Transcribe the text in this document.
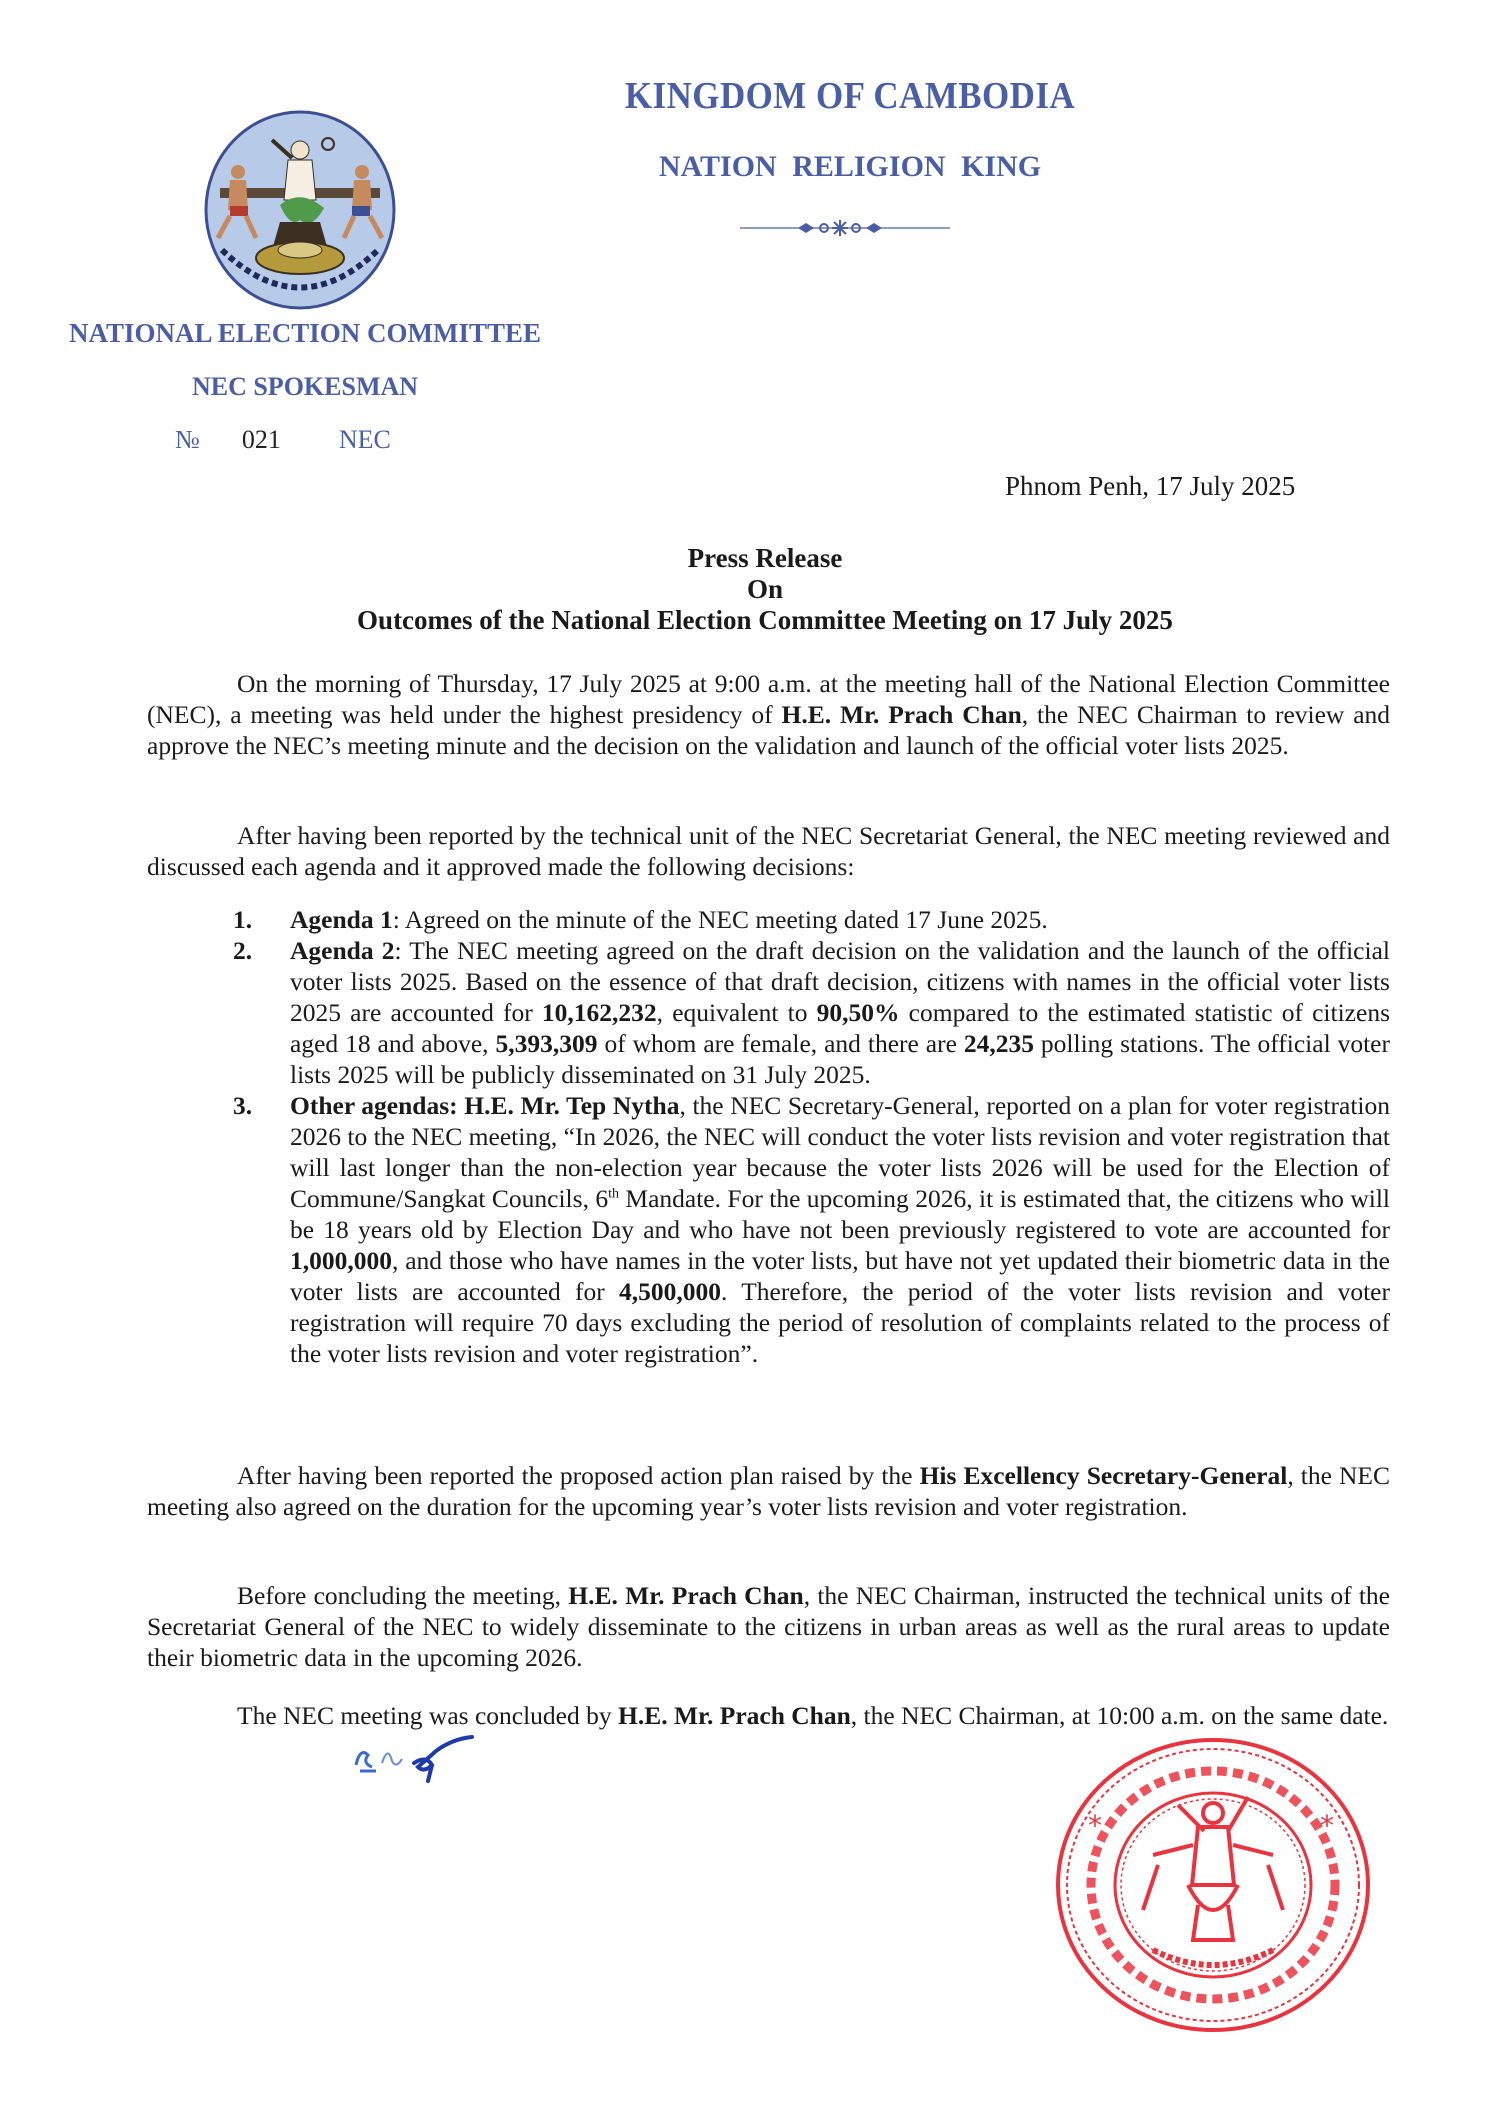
KINGDOM OF CAMBODIA
NATION RELIGION KING
NATIONAL ELECTION COMMITTEE
NEC SPOKESMAN
№ 021 NEC
Phnom Penh, 17 July 2025
Press Release
On
Outcomes of the National Election Committee Meeting on 17 July 2025
On the morning of Thursday, 17 July 2025 at 9:00 a.m. at the meeting hall of the National Election Committee (NEC), a meeting was held under the highest presidency of H.E. Mr. Prach Chan, the NEC Chairman to review and approve the NEC’s meeting minute and the decision on the validation and launch of the official voter lists 2025.
After having been reported by the technical unit of the NEC Secretariat General, the NEC meeting reviewed and discussed each agenda and it approved made the following decisions:
1.	Agenda 1: Agreed on the minute of the NEC meeting dated 17 June 2025.
2.	Agenda 2: The NEC meeting agreed on the draft decision on the validation and the launch of the official voter lists 2025. Based on the essence of that draft decision, citizens with names in the official voter lists 2025 are accounted for 10,162,232, equivalent to 90,50% compared to the estimated statistic of citizens aged 18 and above, 5,393,309 of whom are female, and there are 24,235 polling stations. The official voter lists 2025 will be publicly disseminated on 31 July 2025.
3.	Other agendas: H.E. Mr. Tep Nytha, the NEC Secretary-General, reported on a plan for voter registration 2026 to the NEC meeting, “In 2026, the NEC will conduct the voter lists revision and voter registration that will last longer than the non-election year because the voter lists 2026 will be used for the Election of Commune/Sangkat Councils, 6th Mandate. For the upcoming 2026, it is estimated that, the citizens who will be 18 years old by Election Day and who have not been previously registered to vote are accounted for 1,000,000, and those who have names in the voter lists, but have not yet updated their biometric data in the voter lists are accounted for 4,500,000. Therefore, the period of the voter lists revision and voter registration will require 70 days excluding the period of resolution of complaints related to the process of the voter lists revision and voter registration”.
After having been reported the proposed action plan raised by the His Excellency Secretary-General, the NEC meeting also agreed on the duration for the upcoming year’s voter lists revision and voter registration.
Before concluding the meeting, H.E. Mr. Prach Chan, the NEC Chairman, instructed the technical units of the Secretariat General of the NEC to widely disseminate to the citizens in urban areas as well as the rural areas to update their biometric data in the upcoming 2026.
The NEC meeting was concluded by H.E. Mr. Prach Chan, the NEC Chairman, at 10:00 a.m. on the same date.
*	*
